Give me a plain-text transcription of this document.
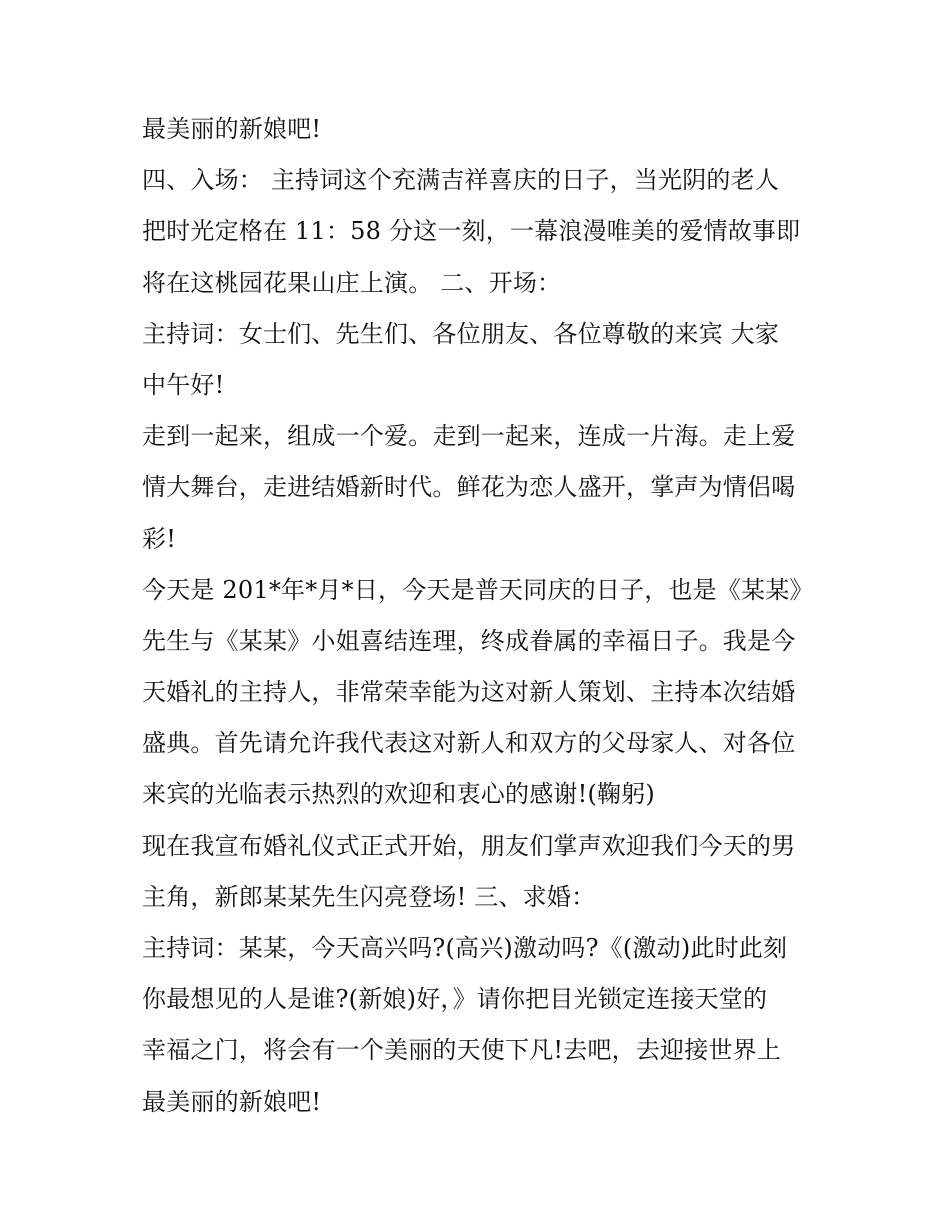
最美丽的新娘吧!
四、入场： 主持词这个充满吉祥喜庆的日子，当光阴的老人
把时光定格在 11：58 分这一刻，一幕浪漫唯美的爱情故事即
将在这桃园花果山庄上演。 二、开场：
主持词：女士们、先生们、各位朋友、各位尊敬的来宾 大家
中午好!
走到一起来，组成一个爱。走到一起来，连成一片海。走上爱
情大舞台，走进结婚新时代。鲜花为恋人盛开，掌声为情侣喝
彩!
今天是 201*年*月*日，今天是普天同庆的日子，也是《某某》
先生与《某某》小姐喜结连理，终成眷属的幸福日子。我是今
天婚礼的主持人，非常荣幸能为这对新人策划、主持本次结婚
盛典。首先请允许我代表这对新人和双方的父母家人、对各位
来宾的光临表示热烈的欢迎和衷心的感谢!(鞠躬)
现在我宣布婚礼仪式正式开始，朋友们掌声欢迎我们今天的男
主角，新郎某某先生闪亮登场! 三、求婚：
主持词：某某，今天高兴吗?(高兴)激动吗?《(激动)此时此刻
你最想见的人是谁?(新娘)好，》请你把目光锁定连接天堂的
幸福之门，将会有一个美丽的天使下凡!去吧，去迎接世界上
最美丽的新娘吧!
